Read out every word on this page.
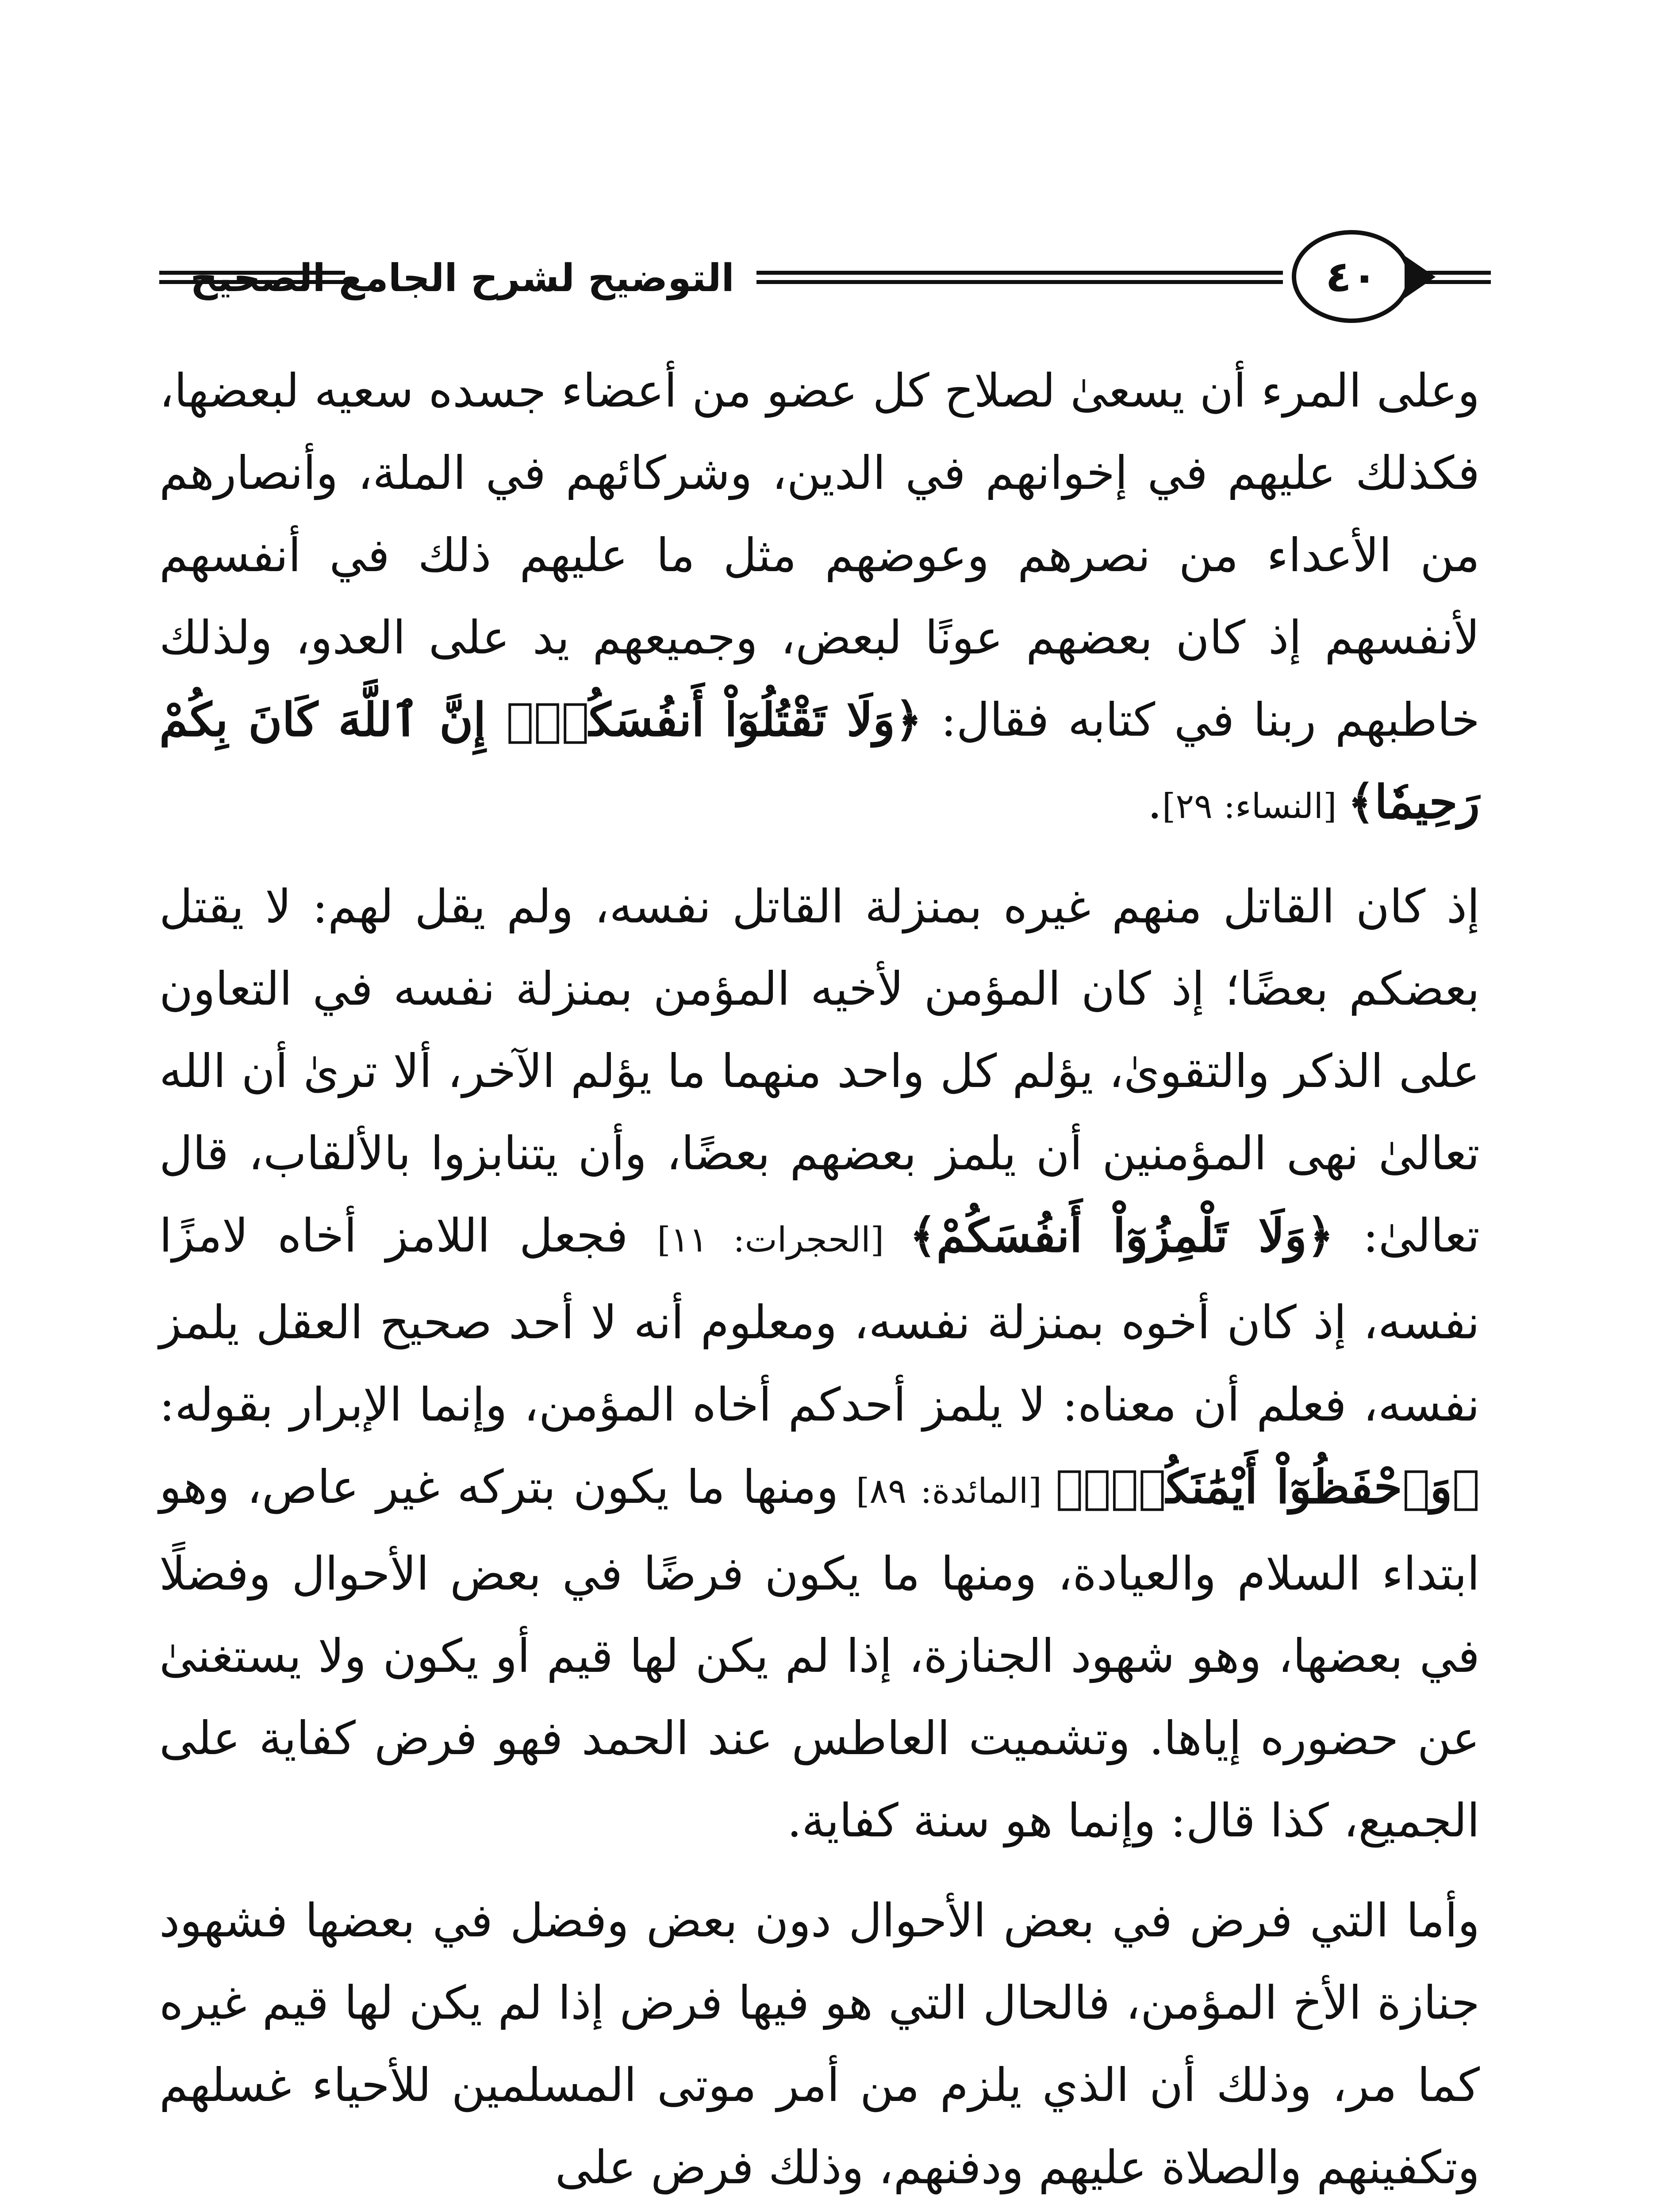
التوضيح لشرح الجامع الصحيح	٤٠

وعلى المرء أن يسعىٰ لصلاح كل عضو من أعضاء جسده سعيه لبعضها، فكذلك عليهم في إخوانهم في الدين، وشركائهم في الملة، وأنصارهم من الأعداء من نصرهم وعوضهم مثل ما عليهم ذلك في أنفسهم لأنفسهم إذ كان بعضهم عونًا لبعض، وجميعهم يد على العدو، ولذلك خاطبهم ربنا في كتابه فقال: ﴿وَلَا تَقْتُلُوٓاْ أَنفُسَكُمْۚ إِنَّ ٱللَّهَ كَانَ بِكُمْ رَحِيمٗا﴾ [النساء: ٢٩].

إذ كان القاتل منهم غيره بمنزلة القاتل نفسه، ولم يقل لهم: لا يقتل بعضكم بعضًا؛ إذ كان المؤمن لأخيه المؤمن بمنزلة نفسه في التعاون على الذكر والتقوىٰ، يؤلم كل واحد منهما ما يؤلم الآخر، ألا ترىٰ أن الله تعالىٰ نهى المؤمنين أن يلمز بعضهم بعضًا، وأن يتنابزوا بالألقاب، قال تعالىٰ: ﴿وَلَا تَلْمِزُوٓاْ أَنفُسَكُمْ﴾ [الحجرات: ١١] فجعل اللامز أخاه لامزًا نفسه، إذ كان أخوه بمنزلة نفسه، ومعلوم أنه لا أحد صحيح العقل يلمز نفسه، فعلم أن معناه: لا يلمز أحدكم أخاه المؤمن، وإنما الإبرار بقوله: ﴿وَٱحْفَظُوٓاْ أَيْمَٰنَكُمْۚ﴾ [المائدة: ٨٩] ومنها ما يكون بتركه غير عاص، وهو ابتداء السلام والعيادة، ومنها ما يكون فرضًا في بعض الأحوال وفضلًا في بعضها، وهو شهود الجنازة، إذا لم يكن لها قيم أو يكون ولا يستغنىٰ عن حضوره إياها. وتشميت العاطس عند الحمد فهو فرض كفاية على الجميع، كذا قال: وإنما هو سنة كفاية.

وأما التي فرض في بعض الأحوال دون بعض وفضل في بعضها فشهود جنازة الأخ المؤمن، فالحال التي هو فيها فرض إذا لم يكن لها قيم غيره كما مر، وذلك أن الذي يلزم من أمر موتى المسلمين للأحياء غسلهم وتكفينهم والصلاة عليهم ودفنهم، وذلك فرض على
